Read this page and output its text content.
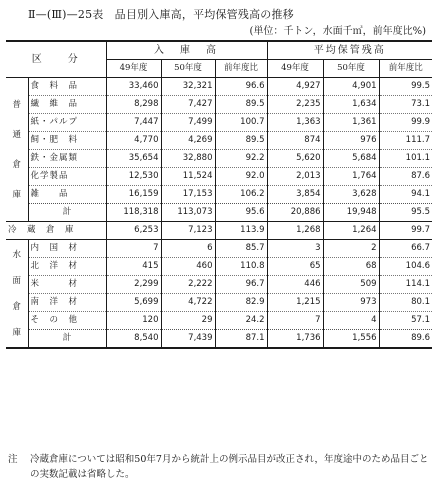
Ⅱ—(Ⅲ)—25表　品目別入庫高，平均保管残高の推移
(単位：千トン，水面千㎥，前年度比%)
区　　分		入　庫　高			平均保管残高		
		49年度	50年度	前年度比	49年度	50年度	前年度比

普
通
倉
庫	食　料　品	33,460	32,321	96.6	4,927	4,901	99.5
	繊　維　品	8,298	7,427	89.5	2,235	1,634	73.1
	紙・パルプ	7,447	7,499	100.7	1,363	1,361	99.9
	飼・肥　料	4,770	4,269	89.5	874	976	111.7
	鉄・金属類	35,654	32,880	92.2	5,620	5,684	101.1
	化学製品	12,530	11,524	92.0	2,013	1,764	87.6
	雑　　品	16,159	17,153	106.2	3,854	3,628	94.1
	計	118,318	113,073	95.6	20,886	19,948	95.5
冷　蔵　倉　庫		6,253	7,123	113.9	1,268	1,264	99.7

水
面
倉
庫	内　国　材	7	6	85.7	3	2	66.7
	北　洋　材	415	460	110.8	65	68	104.6
	米　　　材	2,299	2,222	96.7	446	509	114.1
	南　洋　材	5,699	4,722	82.9	1,215	973	80.1
	そ　の　他	120	29	24.2	7	4	57.1
	計	8,540	7,439	87.1	1,736	1,556	89.6
注 冷蔵倉庫については昭和50年7月から統計上の例示品目が改正され，年度途中のため品目ごとの実数記載は省略した。
